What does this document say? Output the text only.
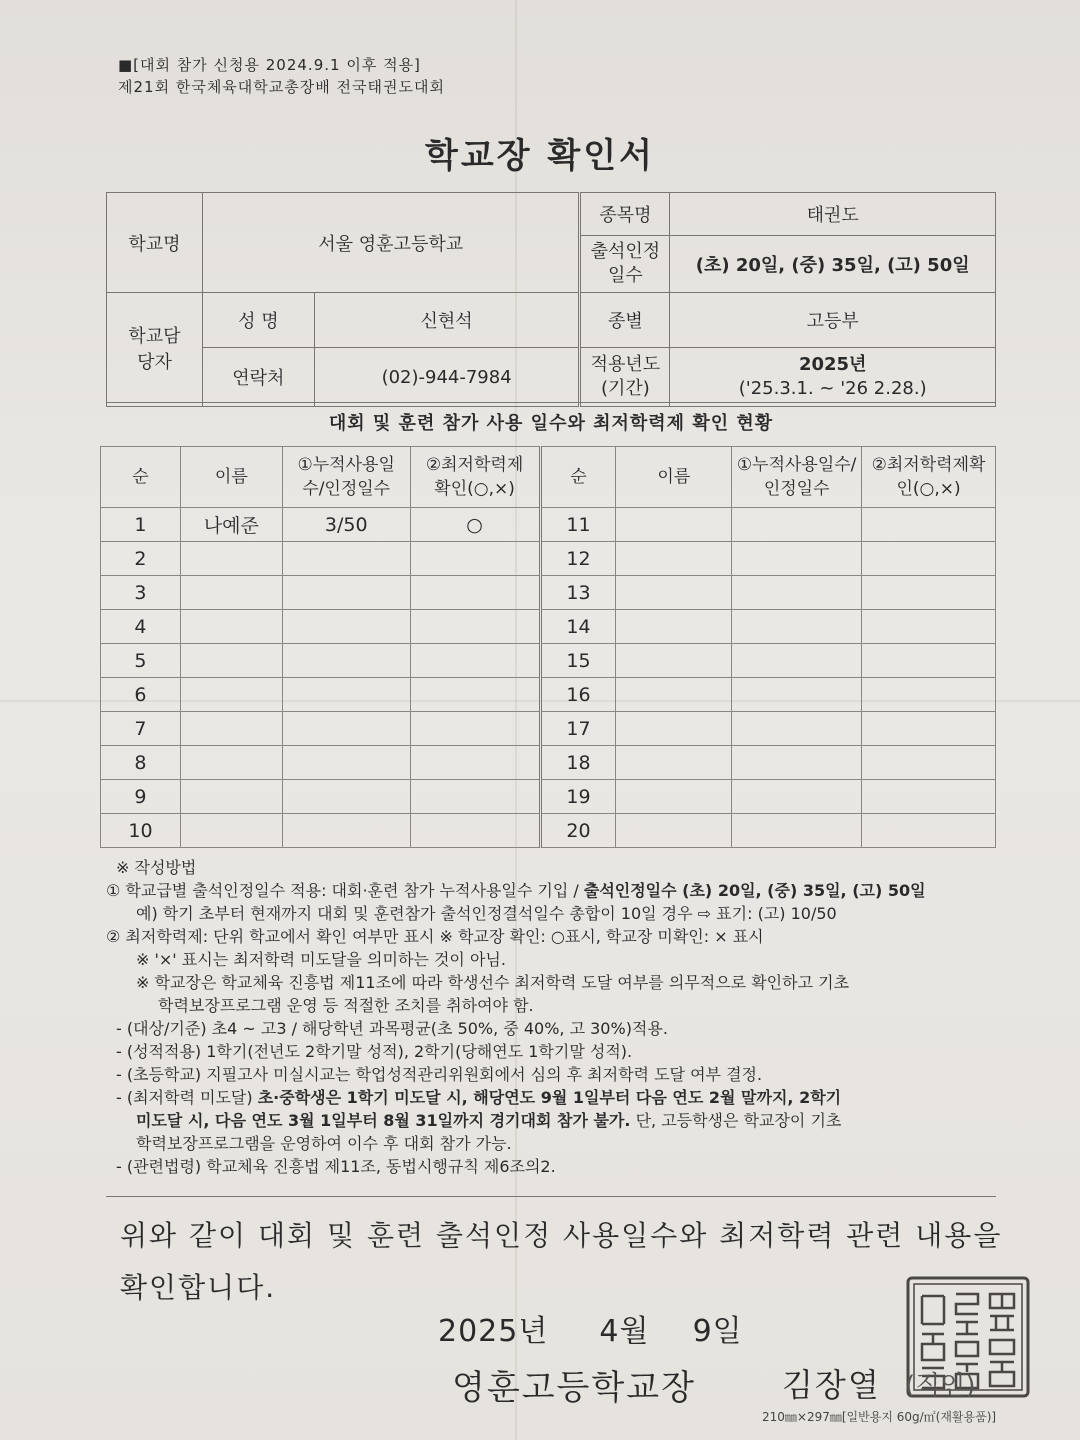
■[대회 참가 신청용 2024.9.1 이후 적용]
제21회 한국체육대학교총장배 전국태권도대회
학교장 확인서
학교명	서울 영훈고등학교		종목명	태권도
			출석인정일수	(초) 20일, (중) 35일, (고) 50일
학교담당자	성 명	신현석	종별	고등부
	연락처	(02)-944-7984	적용년도(기간)	2025년
('25.3.1. ~ '26 2.28.)
대회 및 훈련 참가 사용 일수와 최저학력제 확인 현황
순	이름	①누적사용일수/인정일수	②최저학력제확인(○,×)	순	이름	①누적사용일수/인정일수	②최저학력제확인(○,×)
1	나예준	3/50	○	11			
2				12			
3				13			
4				14			
5				15			
6				16			
7				17			
8				18			
9				19			
10				20			
※ 작성방법
① 학교급별 출석인정일수 적용: 대회·훈련 참가 누적사용일수 기입 / 출석인정일수 (초) 20일, (중) 35일, (고) 50일
예) 학기 초부터 현재까지 대회 및 훈련참가 출석인정결석일수 총합이 10일 경우 ⇨ 표기: (고) 10/50
② 최저학력제: 단위 학교에서 확인 여부만 표시 ※ 학교장 확인: ○표시, 학교장 미확인: × 표시
※ '×' 표시는 최저학력 미도달을 의미하는 것이 아님.
※ 학교장은 학교체육 진흥법 제11조에 따라 학생선수 최저학력 도달 여부를 의무적으로 확인하고 기초
학력보장프로그램 운영 등 적절한 조치를 취하여야 함.
- (대상/기준) 초4 ~ 고3 / 해당학년 과목평균(초 50%, 중 40%, 고 30%)적용.
- (성적적용) 1학기(전년도 2학기말 성적), 2학기(당해연도 1학기말 성적).
- (초등학교) 지필고사 미실시교는 학업성적관리위원회에서 심의 후 최저학력 도달 여부 결정.
- (최저학력 미도달) 초·중학생은 1학기 미도달 시, 해당연도 9월 1일부터 다음 연도 2월 말까지, 2학기
미도달 시, 다음 연도 3월 1일부터 8월 31일까지 경기대회 참가 불가. 단, 고등학생은 학교장이 기초
학력보장프로그램을 운영하여 이수 후 대회 참가 가능.
- (관련법령) 학교체육 진흥법 제11조, 동법시행규칙 제6조의2.
위와 같이 대회 및 훈련 출석인정 사용일수와 최저학력 관련 내용을
확인합니다.
2025년 4월 9일
영훈고등학교장	김장열 (직인)
210㎜×297㎜[일반용지 60g/㎡(재활용품)]
